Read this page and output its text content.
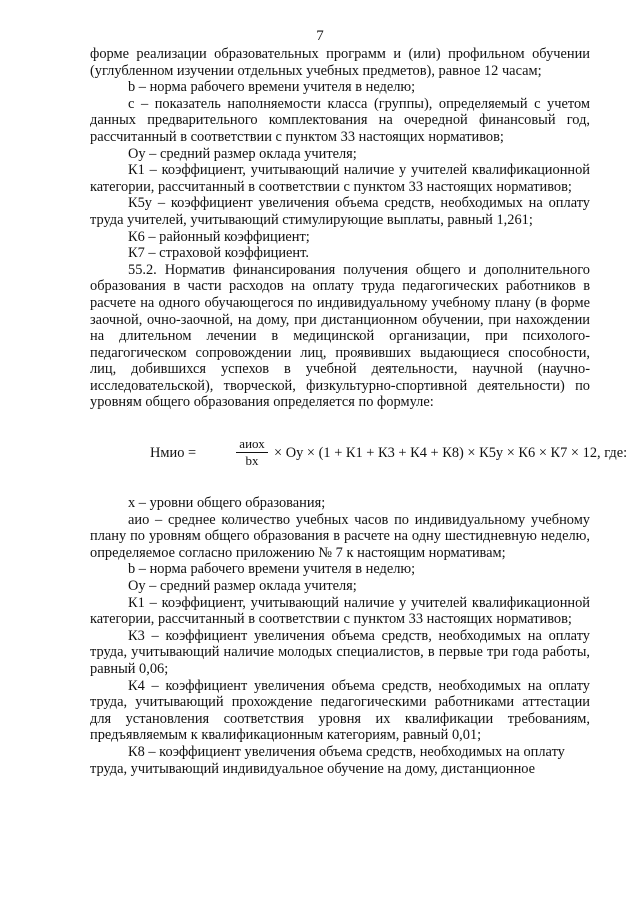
7

форме реализации образовательных программ и (или) профильном обучении (углубленном изучении отдельных учебных предметов), равное 12 часам;

b – норма рабочего времени учителя в неделю;

c – показатель наполняемости класса (группы), определяемый с учетом данных предварительного комплектования на очередной финансовый год, рассчитанный в соответствии с пунктом 33 настоящих нормативов;

Оу – средний размер оклада учителя;

К1 – коэффициент, учитывающий наличие у учителей квалификационной категории, рассчитанный в соответствии с пунктом 33 настоящих нормативов;

К5у – коэффициент увеличения объема средств, необходимых на оплату труда учителей, учитывающий стимулирующие выплаты, равный 1,261;

К6 – районный коэффициент;

К7 – страховой коэффициент.

55.2. Норматив финансирования получения общего и дополнительного образования в части расходов на оплату труда педагогических работников в расчете на одного обучающегося по индивидуальному учебному плану (в форме заочной, очно-заочной, на дому, при дистанционном обучении, при нахождении на длительном лечении в медицинской организации, при психолого-педагогическом сопровождении лиц, проявивших выдающиеся способности, лиц, добившихся успехов в учебной деятельности, научной (научно-исследовательской), творческой, физкультурно-спортивной деятельности) по уровням общего образования определяется по формуле:

Нмио =
аиох
bх	× Оу × (1 + К1 + К3 + К4 + К8) × К5у × К6 × К7 × 12, где:

х – уровни общего образования;

аио – среднее количество учебных часов по индивидуальному учебному плану по уровням общего образования в расчете на одну шестидневную неделю, определяемое согласно приложению № 7 к настоящим нормативам;

b – норма рабочего времени учителя в неделю;

Оу – средний размер оклада учителя;

К1 – коэффициент, учитывающий наличие у учителей квалификационной категории, рассчитанный в соответствии с пунктом 33 настоящих нормативов;

К3 – коэффициент увеличения объема средств, необходимых на оплату труда, учитывающий наличие молодых специалистов, в первые три года работы, равный 0,06;

К4 – коэффициент увеличения объема средств, необходимых на оплату труда, учитывающий прохождение педагогическими работниками аттестации для установления соответствия уровня их квалификации требованиям, предъявляемым к квалификационным категориям, равный 0,01;

К8 – коэффициент увеличения объема средств, необходимых на оплату труда, учитывающий индивидуальное обучение на дому, дистанционное
